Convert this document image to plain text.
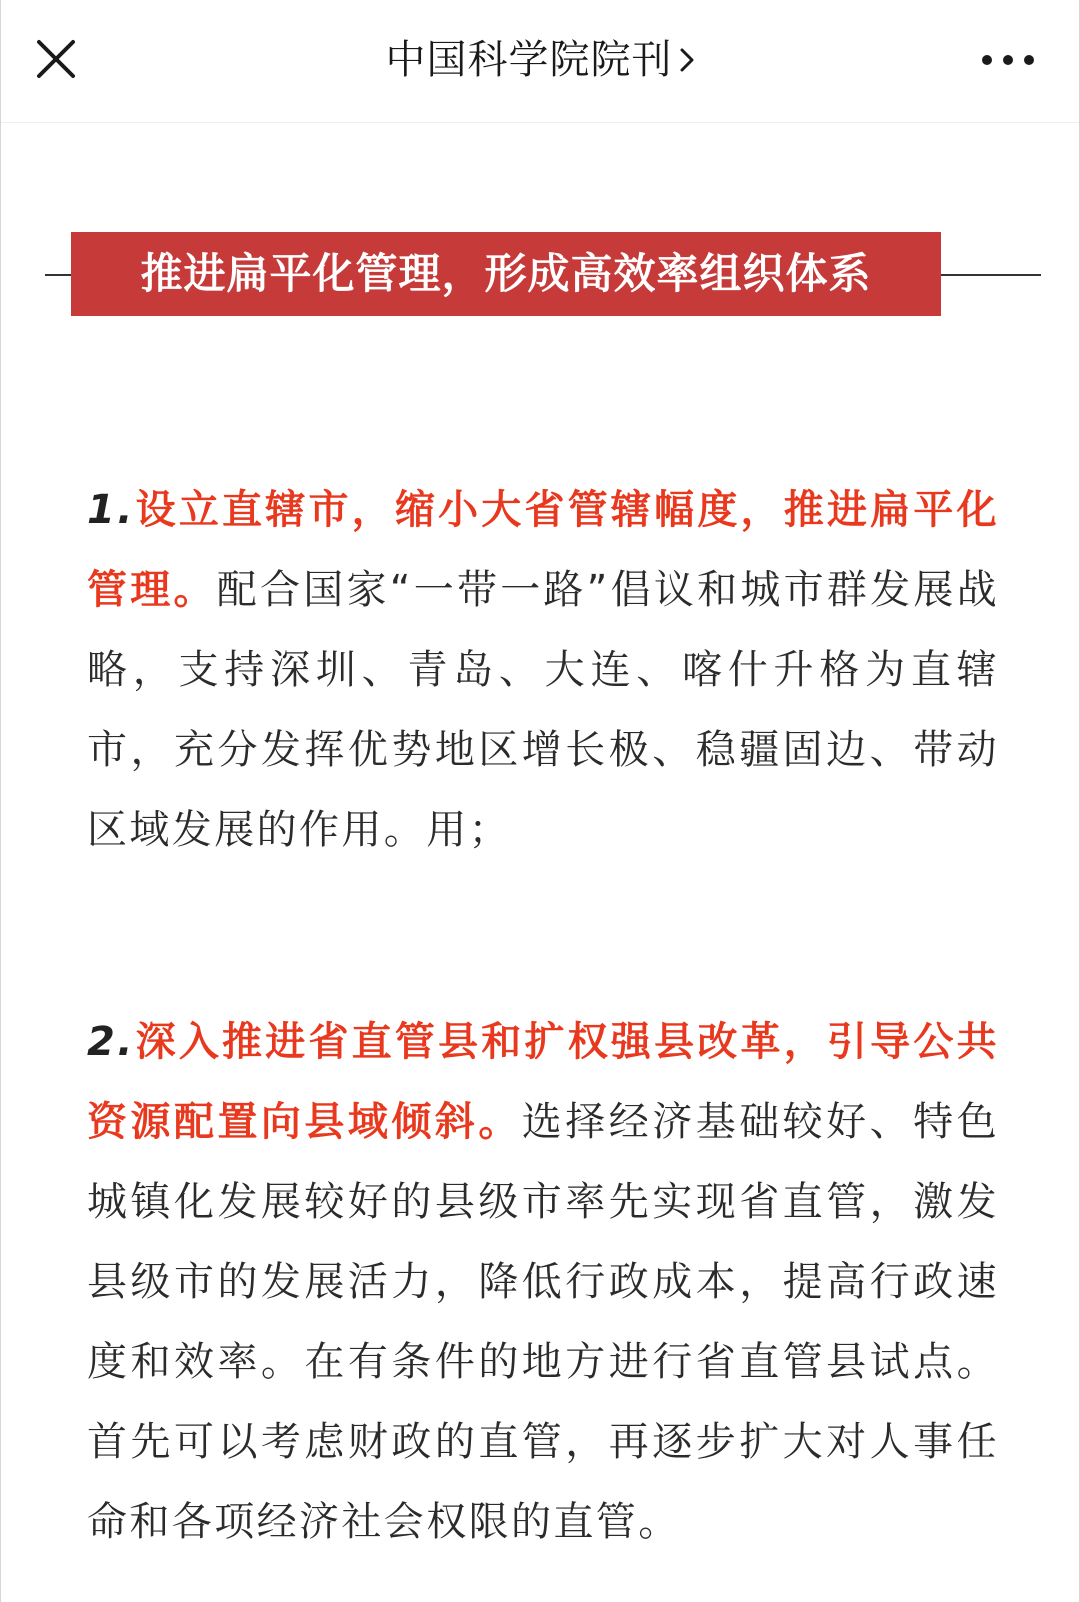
中国科学院院刊
推进扁平化管理，形成高效率组织体系
1.设立直辖市，缩小大省管辖幅度，推进扁平化管理。配合国家“一带一路”倡议和城市群发展战略，支持深圳、青岛、大连、喀什升格为直辖市，充分发挥优势地区增长极、稳疆固边、带动区域发展的作用。用；
2.深入推进省直管县和扩权强县改革，引导公共资源配置向县域倾斜。选择经济基础较好、特色城镇化发展较好的县级市率先实现省直管，激发县级市的发展活力，降低行政成本，提高行政速度和效率。在有条件的地方进行省直管县试点。首先可以考虑财政的直管，再逐步扩大对人事任命和各项经济社会权限的直管。
